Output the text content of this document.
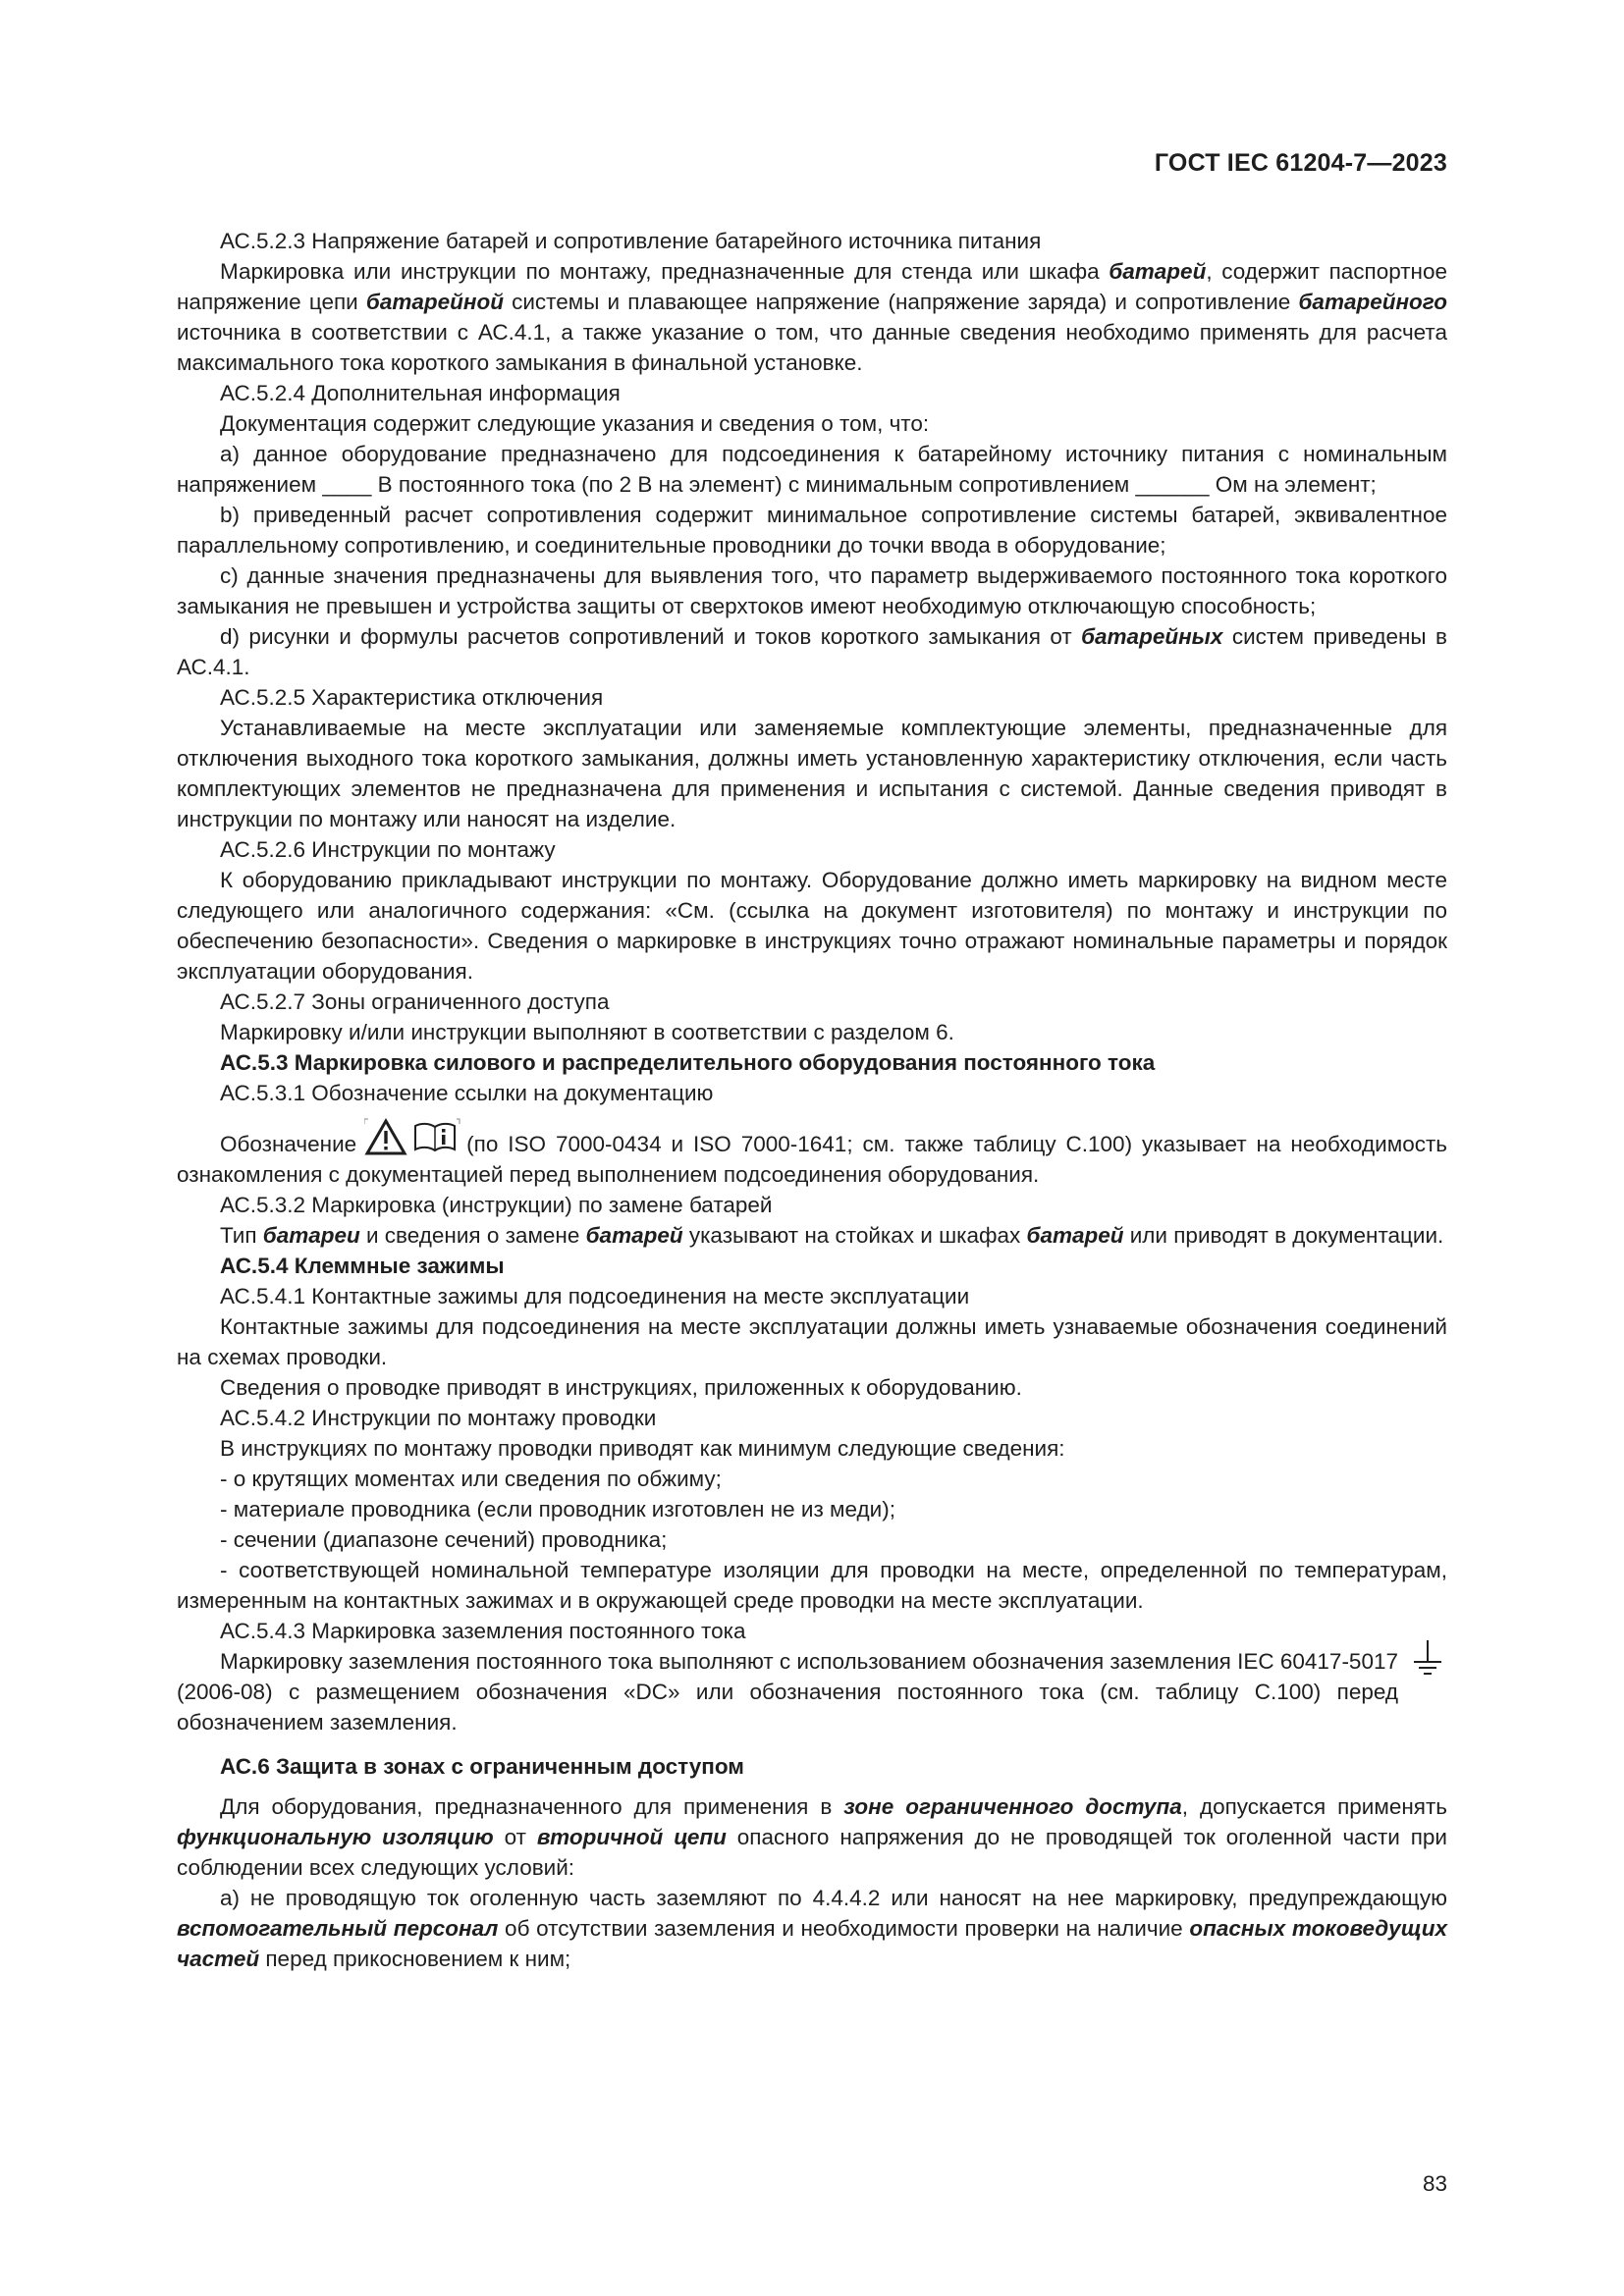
ГОСТ IEC 61204-7—2023

АС.5.2.3 Напряжение батарей и сопротивление батарейного источника питания

Маркировка или инструкции по монтажу, предназначенные для стенда или шкафа батарей, содержит паспортное напряжение цепи батарейной системы и плавающее напряжение (напряжение заряда) и сопротивление батарейного источника в соответствии с АС.4.1, а также указание о том, что данные сведения необходимо применять для расчета максимального тока короткого замыкания в финальной установке.

АС.5.2.4 Дополнительная информация

Документация содержит следующие указания и сведения о том, что:

а) данное оборудование предназначено для подсоединения к батарейному источнику питания с номинальным напряжением ____ В постоянного тока (по 2 В на элемент) с минимальным сопротивлением ______ Ом на элемент;

b) приведенный расчет сопротивления содержит минимальное сопротивление системы батарей, эквивалентное параллельному сопротивлению, и соединительные проводники до точки ввода в оборудование;

с) данные значения предназначены для выявления того, что параметр выдерживаемого постоянного тока короткого замыкания не превышен и устройства защиты от сверхтоков имеют необходимую отключающую способность;

d) рисунки и формулы расчетов сопротивлений и токов короткого замыкания от батарейных систем приведены в АС.4.1.

АС.5.2.5 Характеристика отключения

Устанавливаемые на месте эксплуатации или заменяемые комплектующие элементы, предназначенные для отключения выходного тока короткого замыкания, должны иметь установленную характеристику отключения, если часть комплектующих элементов не предназначена для применения и испытания с системой. Данные сведения приводят в инструкции по монтажу или наносят на изделие.

АС.5.2.6 Инструкции по монтажу

К оборудованию прикладывают инструкции по монтажу. Оборудование должно иметь маркировку на видном месте следующего или аналогичного содержания: «См. (ссылка на документ изготовителя) по монтажу и инструкции по обеспечению безопасности». Сведения о маркировке в инструкциях точно отражают номинальные параметры и порядок эксплуатации оборудования.

АС.5.2.7 Зоны ограниченного доступа

Маркировку и/или инструкции выполняют в соответствии с разделом 6.

АС.5.3 Маркировка силового и распределительного оборудования постоянного тока

АС.5.3.1 Обозначение ссылки на документацию

Обозначение	(по ISO 7000-0434 и ISO 7000-1641; см. также таблицу С.100) указывает на необходимость ознакомления с документацией перед выполнением подсоединения оборудования.

АС.5.3.2 Маркировка (инструкции) по замене батарей

Тип батареи и сведения о замене батарей указывают на стойках и шкафах батарей или приводят в документации.

АС.5.4 Клеммные зажимы

АС.5.4.1 Контактные зажимы для подсоединения на месте эксплуатации

Контактные зажимы для подсоединения на месте эксплуатации должны иметь узнаваемые обозначения соединений на схемах проводки.

Сведения о проводке приводят в инструкциях, приложенных к оборудованию.

АС.5.4.2 Инструкции по монтажу проводки

В инструкциях по монтажу проводки приводят как минимум следующие сведения:

- о крутящих моментах или сведения по обжиму;

- материале проводника (если проводник изготовлен не из меди);

- сечении (диапазоне сечений) проводника;

- соответствующей номинальной температуре изоляции для проводки на месте, определенной по температурам, измеренным на контактных зажимах и в окружающей среде проводки на месте эксплуатации.

АС.5.4.3 Маркировка заземления постоянного тока

Маркировку заземления постоянного тока выполняют с использованием обозначения заземления IEC 60417-5017 (2006-08) с размещением обозначения «DC» или обозначения постоянного тока (см. таблицу С.100) перед обозначением заземления.

АС.6 Защита в зонах с ограниченным доступом

Для оборудования, предназначенного для применения в зоне ограниченного доступа, допускается применять функциональную изоляцию от вторичной цепи опасного напряжения до не проводящей ток оголенной части при соблюдении всех следующих условий:

а) не проводящую ток оголенную часть заземляют по 4.4.4.2 или наносят на нее маркировку, предупреждающую вспомогательный персонал об отсутствии заземления и необходимости проверки на наличие опасных токоведущих частей перед прикосновением к ним;

83
